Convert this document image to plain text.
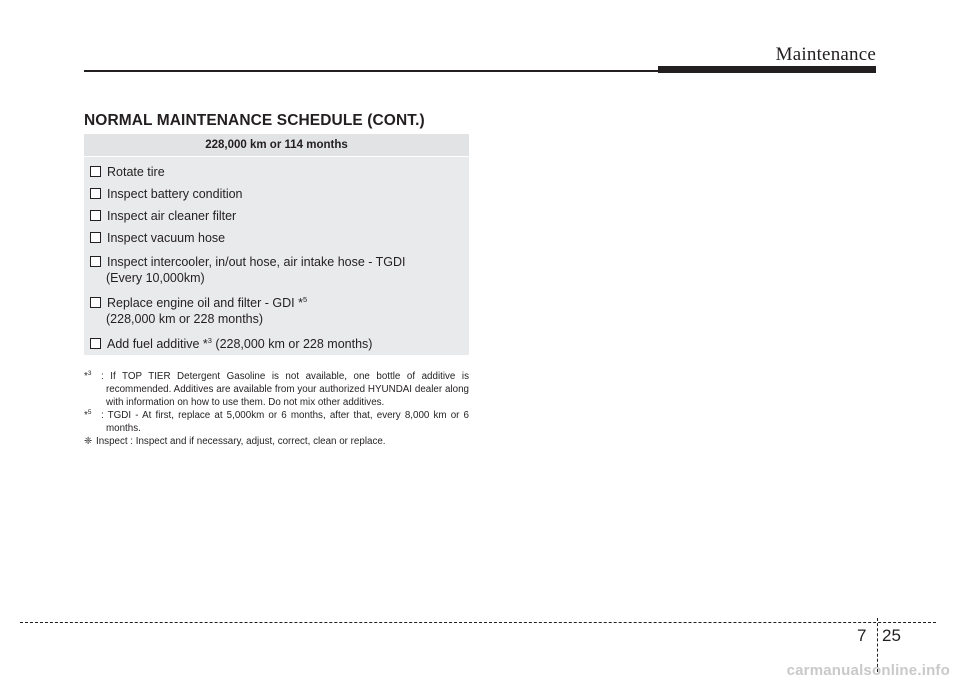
Maintenance
NORMAL MAINTENANCE SCHEDULE (CONT.)
228,000 km or 114 months

Rotate tire

Inspect battery condition

Inspect air cleaner filter

Inspect vacuum hose

Inspect intercooler, in/out hose, air intake hose - TGDI
(Every 10,000km)

Replace engine oil and filter - GDI *$^5$
(228,000 km or 228 months)

Add fuel additive *$^3$ (228,000 km or 228 months)

*$^3$ : If TOP TIER Detergent Gasoline is not available, one bottle of additive is recommended. Additives are available from your authorized HYUNDAI dealer along with information on how to use them. Do not mix other additives.
*$^5$ : TGDI - At first, replace at 5,000km or 6 months, after that, every 8,000 km or 6 months.
❈ Inspect : Inspect and if necessary, adjust, correct, clean or replace.
7 25
carmanualsonline.info
